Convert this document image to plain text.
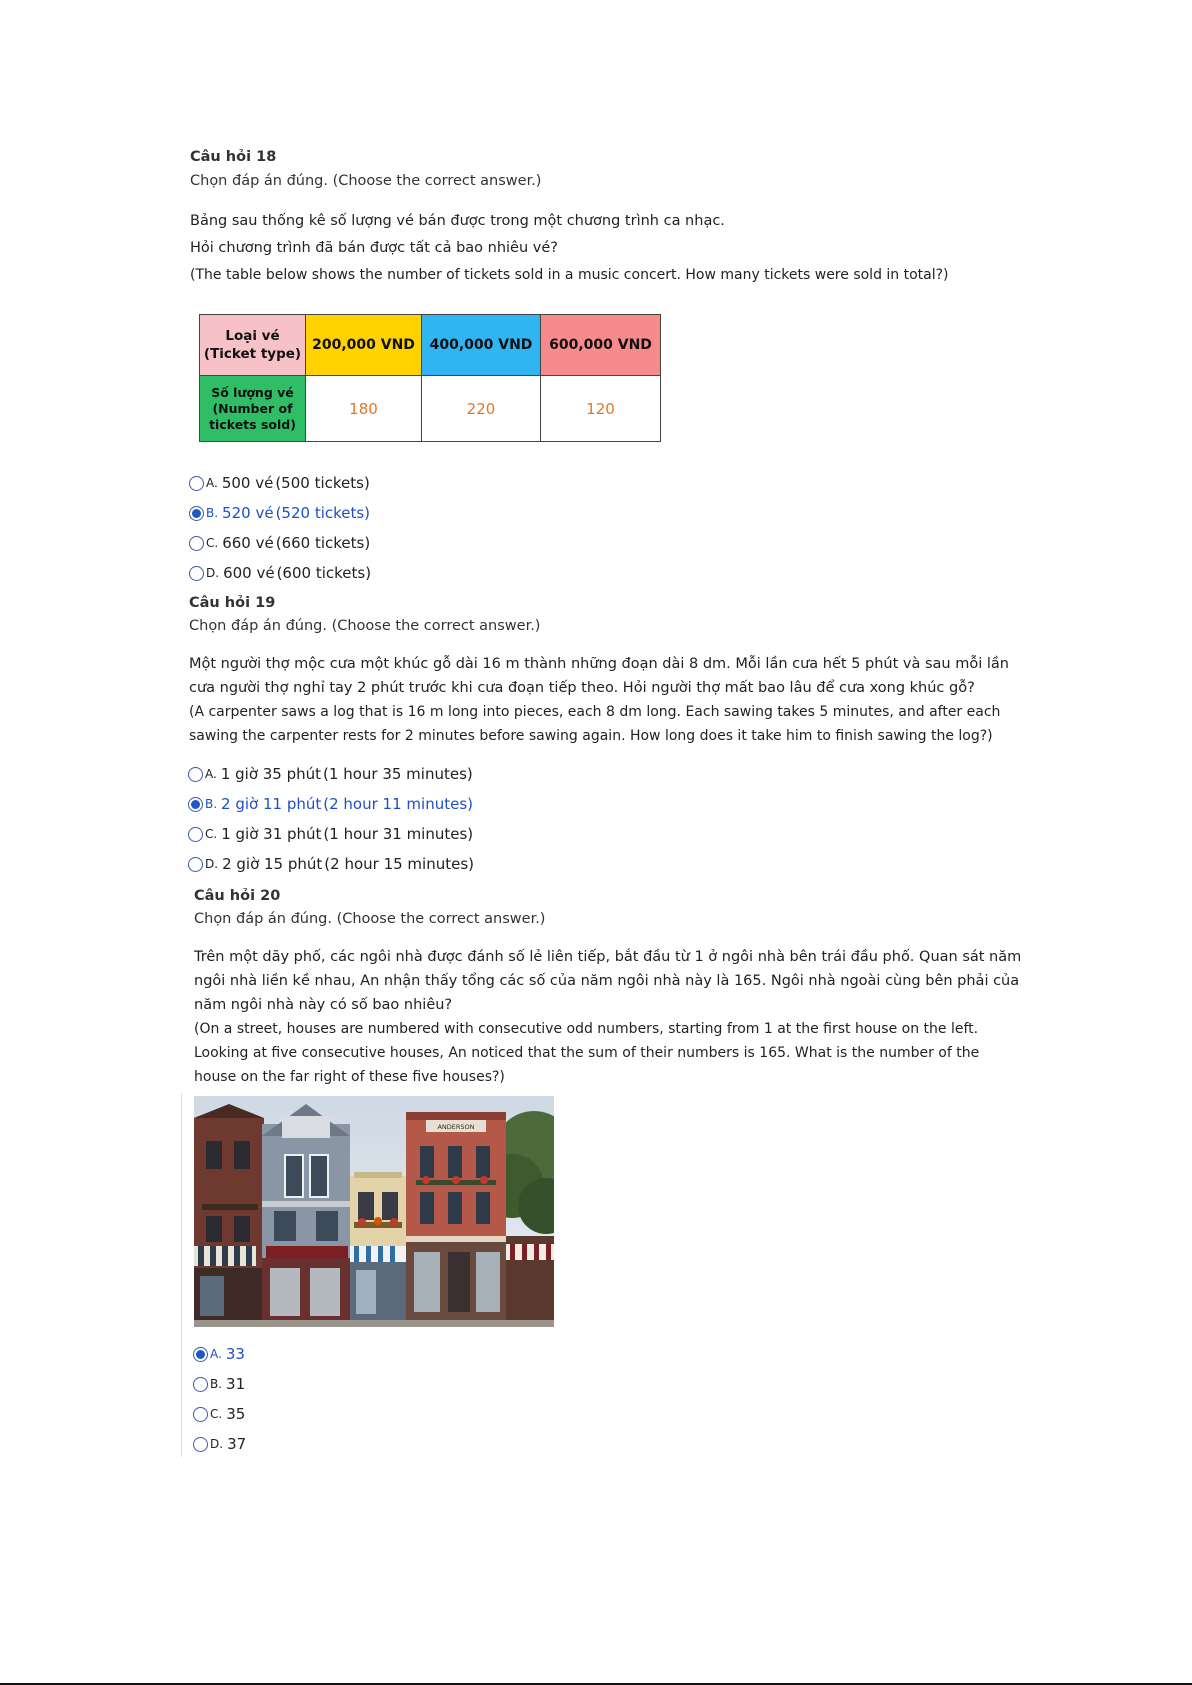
Câu hỏi 18

Chọn đáp án đúng. (Choose the correct answer.)

Bảng sau thống kê số lượng vé bán được trong một chương trình ca nhạc.

Hỏi chương trình đã bán được tất cả bao nhiêu vé?

(The table below shows the number of tickets sold in a music concert. How many tickets were sold in total?)

Loại vé
(Ticket type)	200,000 VND	400,000 VND	600,000 VND
Số lượng vé
(Number of
tickets sold)	180	220	120
A. 500 vé (500 tickets)
B. 520 vé (520 tickets)
C. 660 vé (660 tickets)
D. 600 vé (600 tickets)

Câu hỏi 19

Chọn đáp án đúng. (Choose the correct answer.)

Một người thợ mộc cưa một khúc gỗ dài 16 m thành những đoạn dài 8 dm. Mỗi lần cưa hết 5 phút và sau mỗi lần

cưa người thợ nghỉ tay 2 phút trước khi cưa đoạn tiếp theo. Hỏi người thợ mất bao lâu để cưa xong khúc gỗ?

(A carpenter saws a log that is 16 m long into pieces, each 8 dm long. Each sawing takes 5 minutes, and after each

sawing the carpenter rests for 2 minutes before sawing again. How long does it take him to finish sawing the log?)

A. 1 giờ 35 phút (1 hour 35 minutes)
B. 2 giờ 11 phút (2 hour 11 minutes)
C. 1 giờ 31 phút (1 hour 31 minutes)
D. 2 giờ 15 phút (2 hour 15 minutes)

Câu hỏi 20

Chọn đáp án đúng. (Choose the correct answer.)

Trên một dãy phố, các ngôi nhà được đánh số lẻ liên tiếp, bắt đầu từ 1 ở ngôi nhà bên trái đầu phố. Quan sát năm

ngôi nhà liền kề nhau, An nhận thấy tổng các số của năm ngôi nhà này là 165. Ngôi nhà ngoài cùng bên phải của

năm ngôi nhà này có số bao nhiêu?

(On a street, houses are numbered with consecutive odd numbers, starting from 1 at the first house on the left.

Looking at five consecutive houses, An noticed that the sum of their numbers is 165. What is the number of the

house on the far right of these five houses?)

ANDERSON
A. 33
B. 31
C. 35
D. 37
